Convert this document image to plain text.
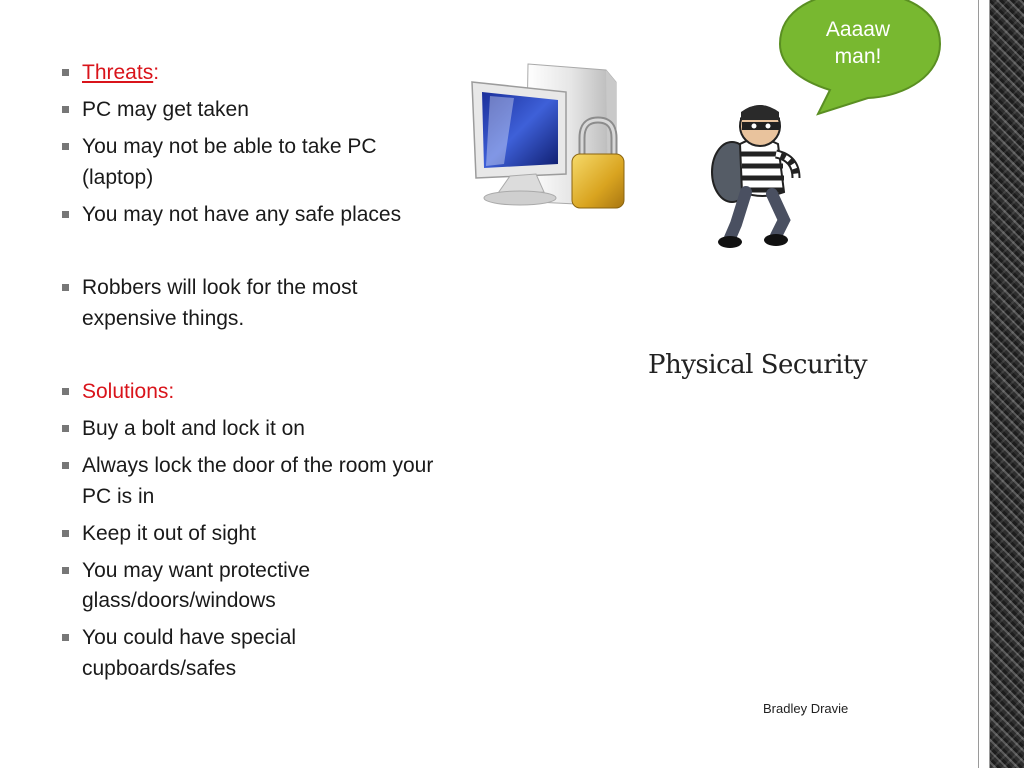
Threats:
PC may get taken
You may not be able to take PC (laptop)
You may not have any safe places
Robbers will look for the most expensive things.
Solutions:
Buy a bolt and lock it on
Always lock the door of the room your PC is in
Keep it out of sight
You may want protective glass/doors/windows
You could have special cupboards/safes
Aaaaw man!
Physical Security
Bradley Dravie
